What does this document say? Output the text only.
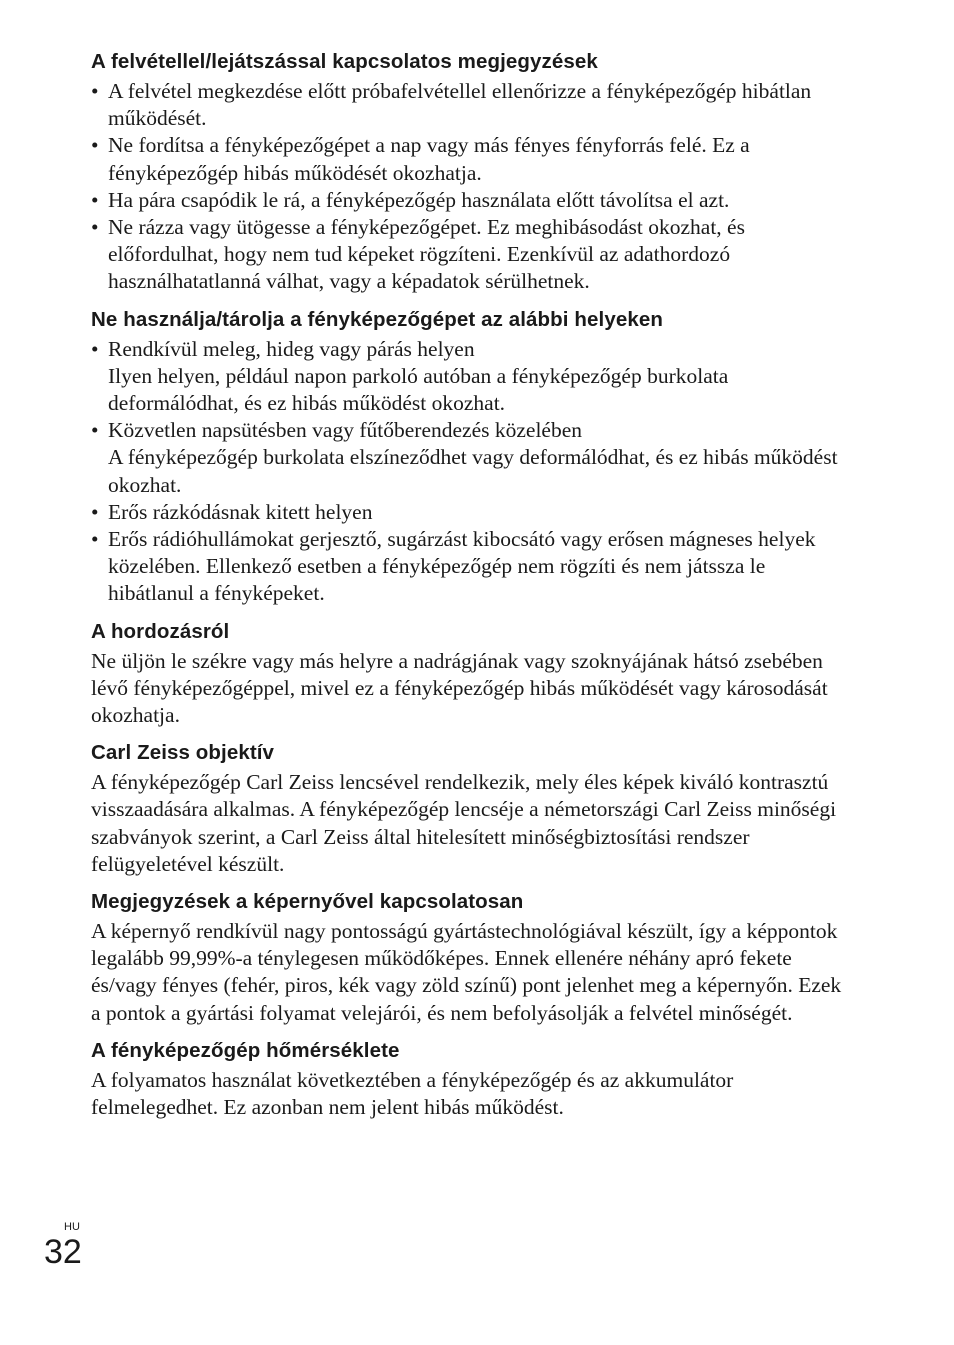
A felvétellel/lejátszással kapcsolatos megjegyzések
• A felvétel megkezdése előtt próbafelvétellel ellenőrizze a fényképezőgép hibátlan működését.
• Ne fordítsa a fényképezőgépet a nap vagy más fényes fényforrás felé. Ez a fényképezőgép hibás működését okozhatja.
• Ha pára csapódik le rá, a fényképezőgép használata előtt távolítsa el azt.
• Ne rázza vagy ütögesse a fényképezőgépet. Ez meghibásodást okozhat, és előfordulhat, hogy nem tud képeket rögzíteni. Ezenkívül az adathordozó használhatatlanná válhat, vagy a képadatok sérülhetnek.
Ne használja/tárolja a fényképezőgépet az alábbi helyeken
• Rendkívül meleg, hideg vagy párás helyen
Ilyen helyen, például napon parkoló autóban a fényképezőgép burkolata deformálódhat, és ez hibás működést okozhat.
• Közvetlen napsütésben vagy fűtőberendezés közelében
A fényképezőgép burkolata elszíneződhet vagy deformálódhat, és ez hibás működést okozhat.
• Erős rázkódásnak kitett helyen
• Erős rádióhullámokat gerjesztő, sugárzást kibocsátó vagy erősen mágneses helyek közelében. Ellenkező esetben a fényképezőgép nem rögzíti és nem játssza le hibátlanul a fényképeket.
A hordozásról

Ne üljön le székre vagy más helyre a nadrágjának vagy szoknyájának hátsó zsebében lévő fényképezőgéppel, mivel ez a fényképezőgép hibás működését vagy károsodását okozhatja.

Carl Zeiss objektív

A fényképezőgép Carl Zeiss lencsével rendelkezik, mely éles képek kiváló kontrasztú visszaadására alkalmas. A fényképezőgép lencséje a németországi Carl Zeiss minőségi szabványok szerint, a Carl Zeiss által hitelesített minőségbiztosítási rendszer felügyeletével készült.

Megjegyzések a képernyővel kapcsolatosan

A képernyő rendkívül nagy pontosságú gyártástechnológiával készült, így a képpontok legalább 99,99%-a ténylegesen működőképes. Ennek ellenére néhány apró fekete és/vagy fényes (fehér, piros, kék vagy zöld színű) pont jelenhet meg a képernyőn. Ezek a pontok a gyártási folyamat velejárói, és nem befolyásolják a felvétel minőségét.

A fényképezőgép hőmérséklete

A folyamatos használat következtében a fényképezőgép és az akkumulátor felmelegedhet. Ez azonban nem jelent hibás működést.

HU
32
